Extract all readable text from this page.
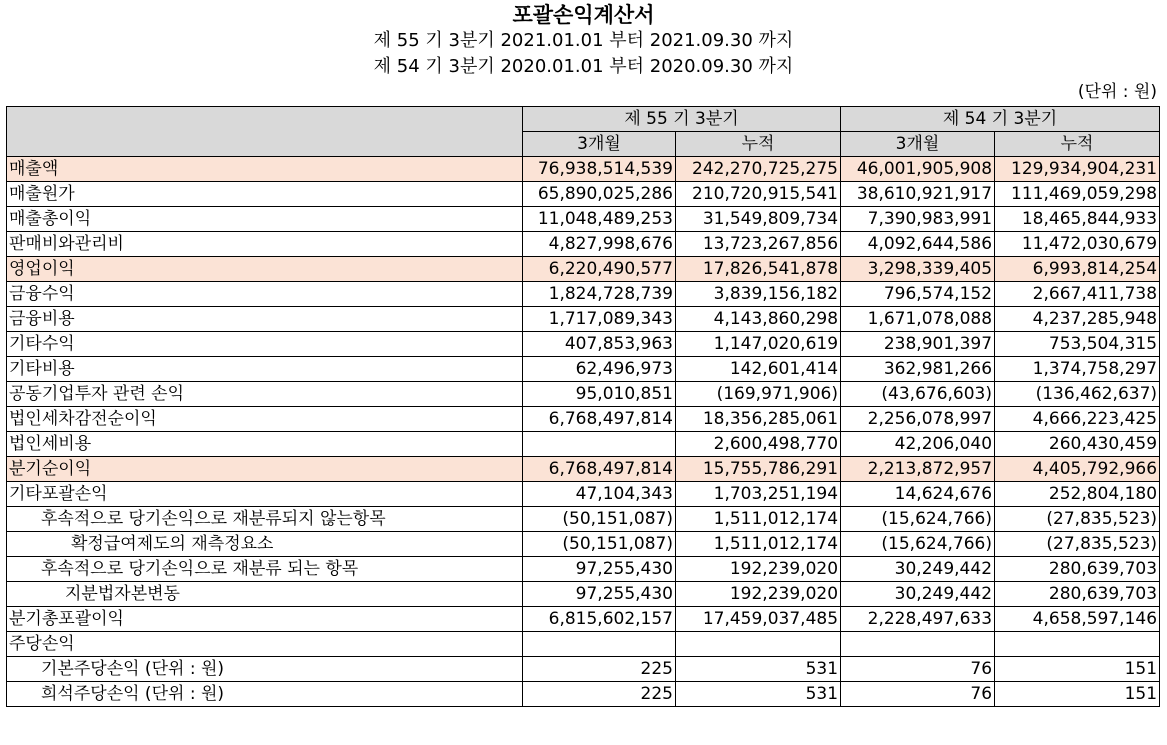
포괄손익계산서
제 55 기 3분기 2021.01.01 부터 2021.09.30 까지
제 54 기 3분기 2020.01.01 부터 2020.09.30 까지
(단위 : 원)
	제 55 기 3분기		제 54 기 3분기	
	3개월	누적	3개월	누적
매출액	76,938,514,539	242,270,725,275	46,001,905,908	129,934,904,231
매출원가	65,890,025,286	210,720,915,541	38,610,921,917	111,469,059,298
매출총이익	11,048,489,253	31,549,809,734	7,390,983,991	18,465,844,933
판매비와관리비	4,827,998,676	13,723,267,856	4,092,644,586	11,472,030,679
영업이익	6,220,490,577	17,826,541,878	3,298,339,405	6,993,814,254
금융수익	1,824,728,739	3,839,156,182	796,574,152	2,667,411,738
금융비용	1,717,089,343	4,143,860,298	1,671,078,088	4,237,285,948
기타수익	407,853,963	1,147,020,619	238,901,397	753,504,315
기타비용	62,496,973	142,601,414	362,981,266	1,374,758,297
공동기업투자 관련 손익	95,010,851	(169,971,906)	(43,676,603)	(136,462,637)
법인세차감전순이익	6,768,497,814	18,356,285,061	2,256,078,997	4,666,223,425
법인세비용		2,600,498,770	42,206,040	260,430,459
분기순이익	6,768,497,814	15,755,786,291	2,213,872,957	4,405,792,966
기타포괄손익	47,104,343	1,703,251,194	14,624,676	252,804,180
후속적으로 당기손익으로 재분류되지 않는항목	(50,151,087)	1,511,012,174	(15,624,766)	(27,835,523)
확정급여제도의 재측정요소	(50,151,087)	1,511,012,174	(15,624,766)	(27,835,523)
후속적으로 당기손익으로 재분류 되는 항목	97,255,430	192,239,020	30,249,442	280,639,703
지분법자본변동	97,255,430	192,239,020	30,249,442	280,639,703
분기총포괄이익	6,815,602,157	17,459,037,485	2,228,497,633	4,658,597,146
주당손익				
기본주당손익 (단위 : 원)	225	531	76	151
희석주당손익 (단위 : 원)	225	531	76	151
